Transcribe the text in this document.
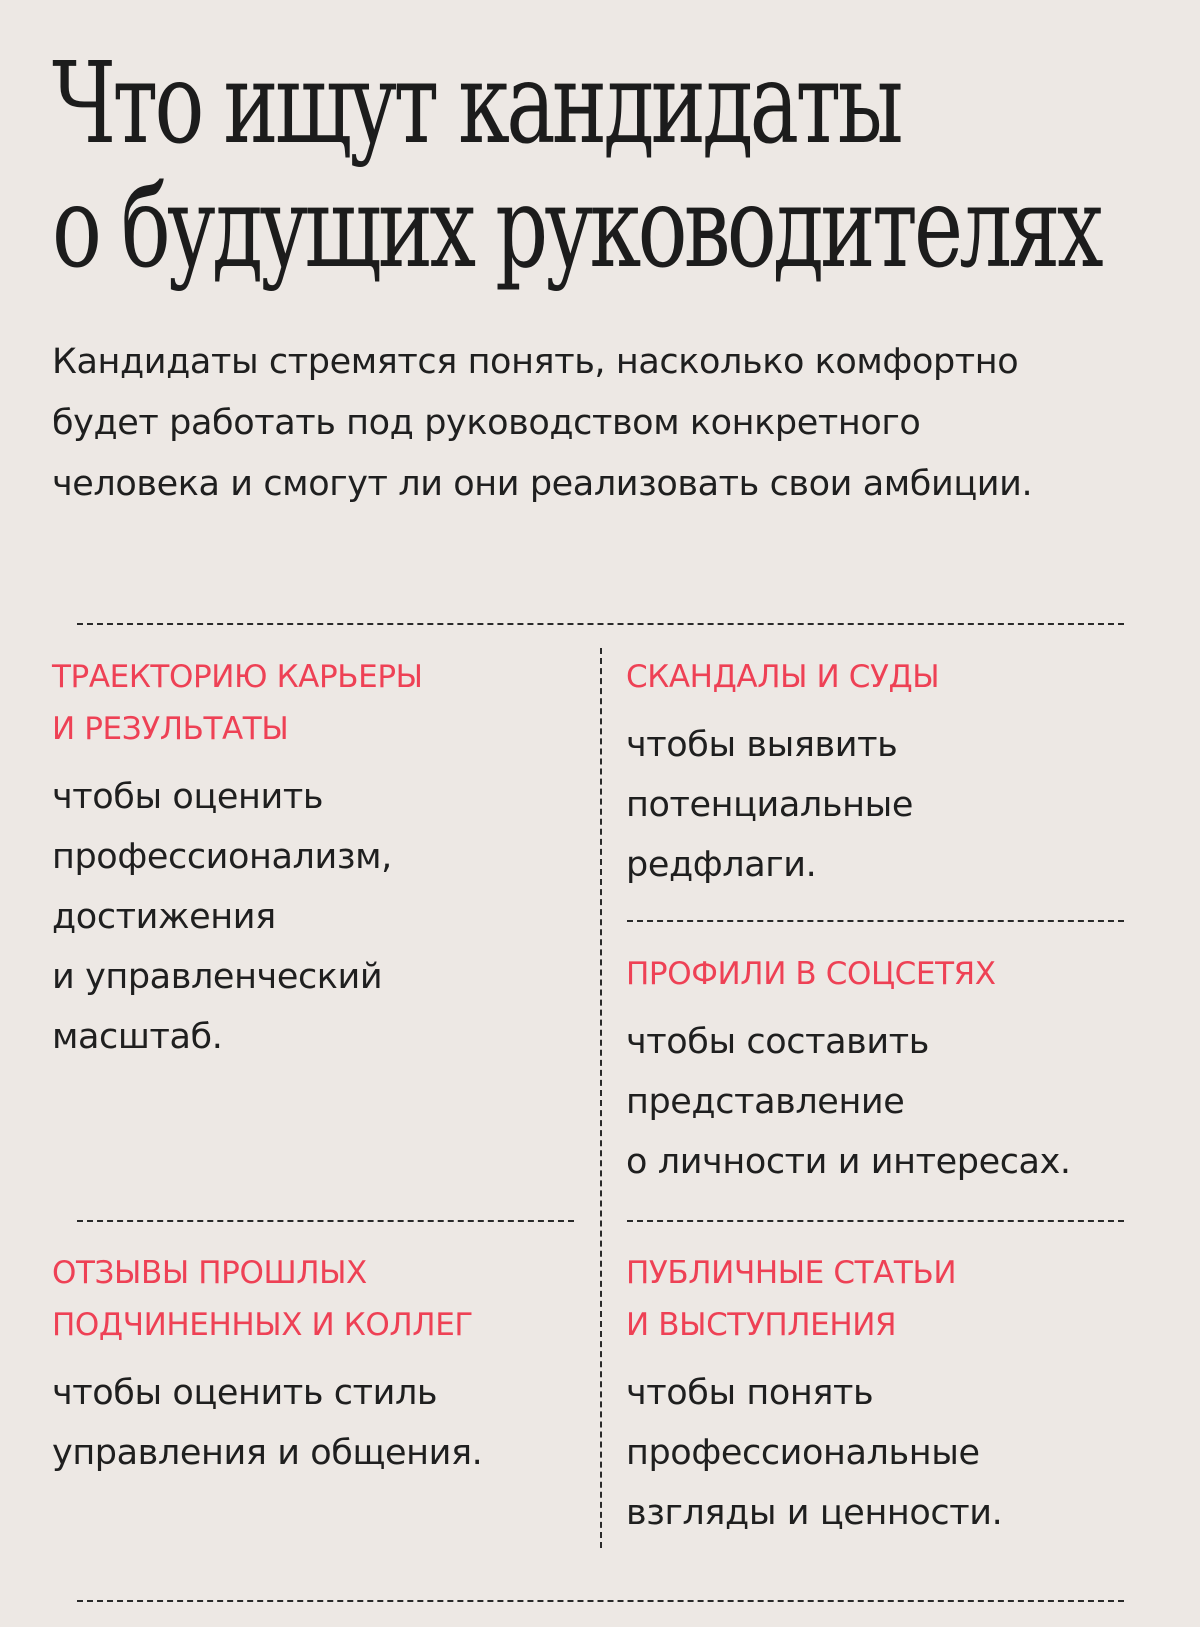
Что ищут кандидаты
о будущих руководителях

Кандидаты стремятся понять, насколько комфортно
будет работать под руководством конкретного
человека и смогут ли они реализовать свои амбиции.

ТРАЕКТОРИЮ КАРЬЕРЫ
И РЕЗУЛЬТАТЫ
чтобы оценить
профессионализм,
достижения
и управленческий
масштаб.
СКАНДАЛЫ И СУДЫ
чтобы выявить
потенциальные
редфлаги.
ПРОФИЛИ В СОЦСЕТЯХ
чтобы составить
представление
о личности и интересах.
ОТЗЫВЫ ПРОШЛЫХ
ПОДЧИНЕННЫХ И КОЛЛЕГ
чтобы оценить стиль
управления и общения.
ПУБЛИЧНЫЕ СТАТЬИ
И ВЫСТУПЛЕНИЯ
чтобы понять
профессиональные
взгляды и ценности.
